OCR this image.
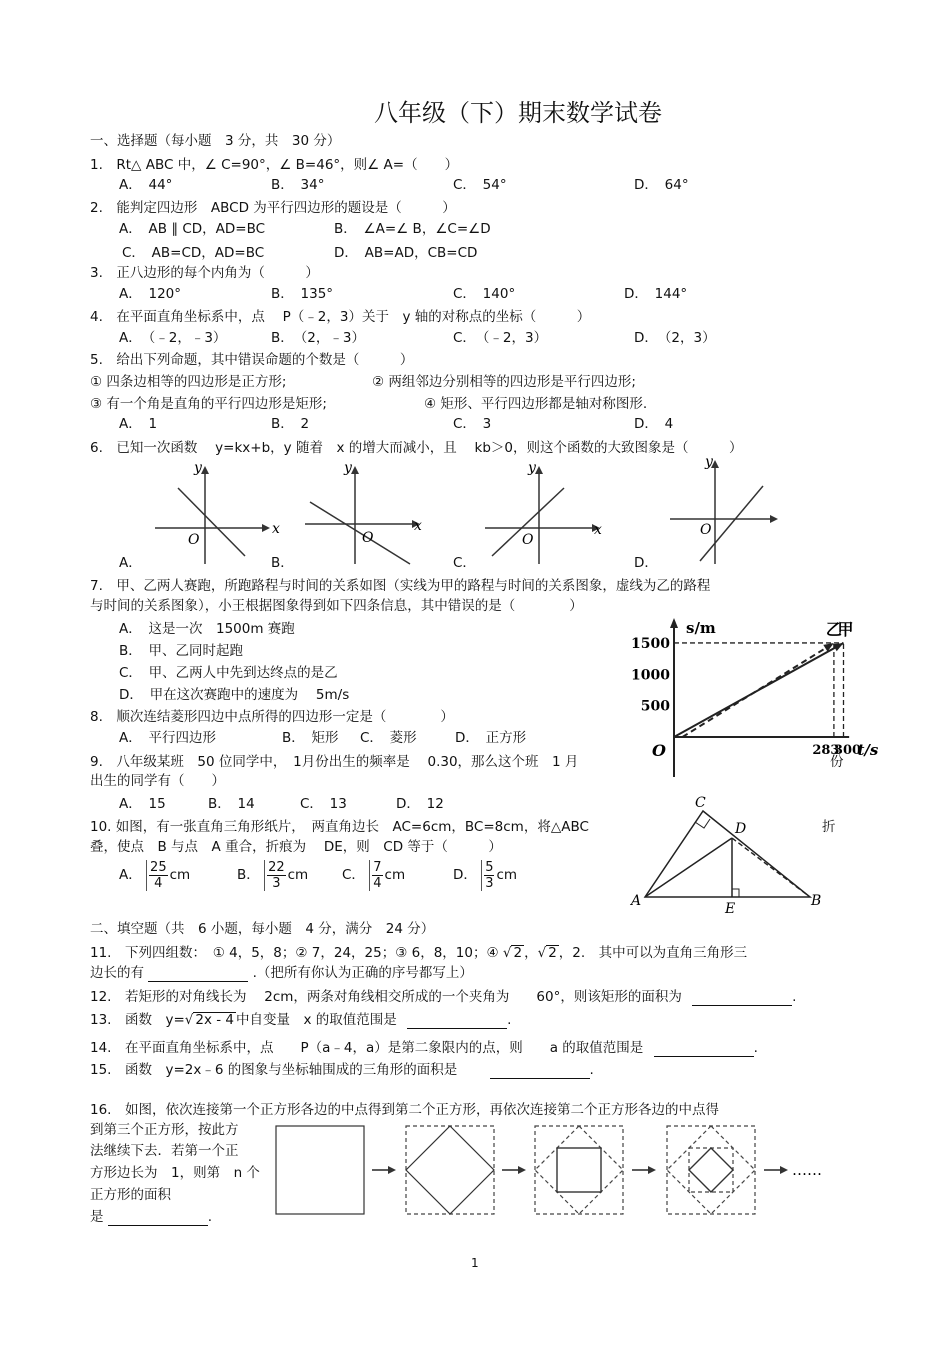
八年级（下）期末数学试卷
一、选择题（每小题　3 分，共　30 分）
1.　Rt△ ABC 中，∠ C=90°，∠ B=46°，则∠ A=（　　）
A．　44°	B．　34°	C．　54°	D．　64°
2.　能判定四边形　ABCD 为平行四边形的题设是（　　　）
A．　AB ∥ CD，AD=BC	B．　∠A=∠ B，∠C=∠D
C．　AB=CD，AD=BC	D．　AB=AD，CB=CD
3.　正八边形的每个内角为（　　　）
A．　120°	B．　135°	C．　140°	D．　144°
4.　在平面直角坐标系中，点　 P（﹣2，3）关于　y 轴的对称点的坐标（　　　）
A．　（﹣2，﹣3）	B．　（2，﹣3）	C．　（﹣2，3）	D．　（2，3）
5.　给出下列命题，其中错误命题的个数是（　　　）
① 四条边相等的四边形是正方形;	② 两组邻边分别相等的四边形是平行四边形;
③ 有一个角是直角的平行四边形是矩形;	④ 矩形、平行四边形都是轴对称图形.
A．　1	B．　2	C．　3	D．　4
6.　已知一次函数　 y=kx+b，y 随着　x 的增大而减小，且　 kb＞0，则这个函数的大致图象是（　　　）
x
y
O
x
y
O	x
y
O
y
O
A．	B．	C．	D．
7.　甲、乙两人赛跑，所跑路程与时间的关系如图（实线为甲的路程与时间的关系图象，虚线为乙的路程
与时间的关系图象），小王根据图象得到如下四条信息，其中错误的是（　　　　）
A．　这是一次　1500m 赛跑
B．　甲、乙同时起跑
C．　甲、乙两人中先到达终点的是乙
D．　甲在这次赛跑中的速度为　 5m/s
s/m
t/s
O
500
1000
1500
283
300
乙
甲
8.　顺次连结菱形四边中点所得的四边形一定是（　　　　）
A．　平行四边形	B．　矩形 C．　菱形	D．　正方形
9.　八年级某班　50 位同学中，　1月份出生的频率是　 0.30，那么这个班　1 月	份
出生的同学有（　　）
A．　15	B．　14	C．　13	D．　12
10. 如图，有一张直角三角形纸片，　两直角边长　AC=6cm，BC=8cm，将△ABC	折
叠，使点　B 与点　A 重合，折痕为　 DE，则　CD 等于（　　　）
A． $\frac{25}{4}$ cm	B． $\frac{22}{3}$ cm	C． $\frac{7}{4}$ cm	D． $\frac{5}{3}$ cm
C
D
A	E	B
二、填空题（共　6 小题，每小题　4 分，满分　24 分）
11.　下列四组数：　① 4，5，8；② 7，24，25；③ 6，8，10；④ √ 2 ，√ 2 ，2.　其中可以为直角三角形三
边长的有	.（把所有你认为正确的序号都写上）
12.　若矩形的对角线长为　 2cm，两条对角线相交所成的一个夹角为　　60°，则该矩形的面积为	.
13.　函数　y=√ 2x - 4 中自变量　x 的取值范围是	.
14.　在平面直角坐标系中，点　　P（a﹣4，a）是第二象限内的点，则　　a 的取值范围是	.
15.　函数　y=2x﹣6 的图象与坐标轴围成的三角形的面积是	.
16.　如图，依次连接第一个正方形各边的中点得到第二个正方形，再依次连接第二个正方形各边的中点得
到第三个正方形，按此方
法继续下去．若第一个正
方形边长为　1，则第　n 个
正方形的面积
是	.
……
1
